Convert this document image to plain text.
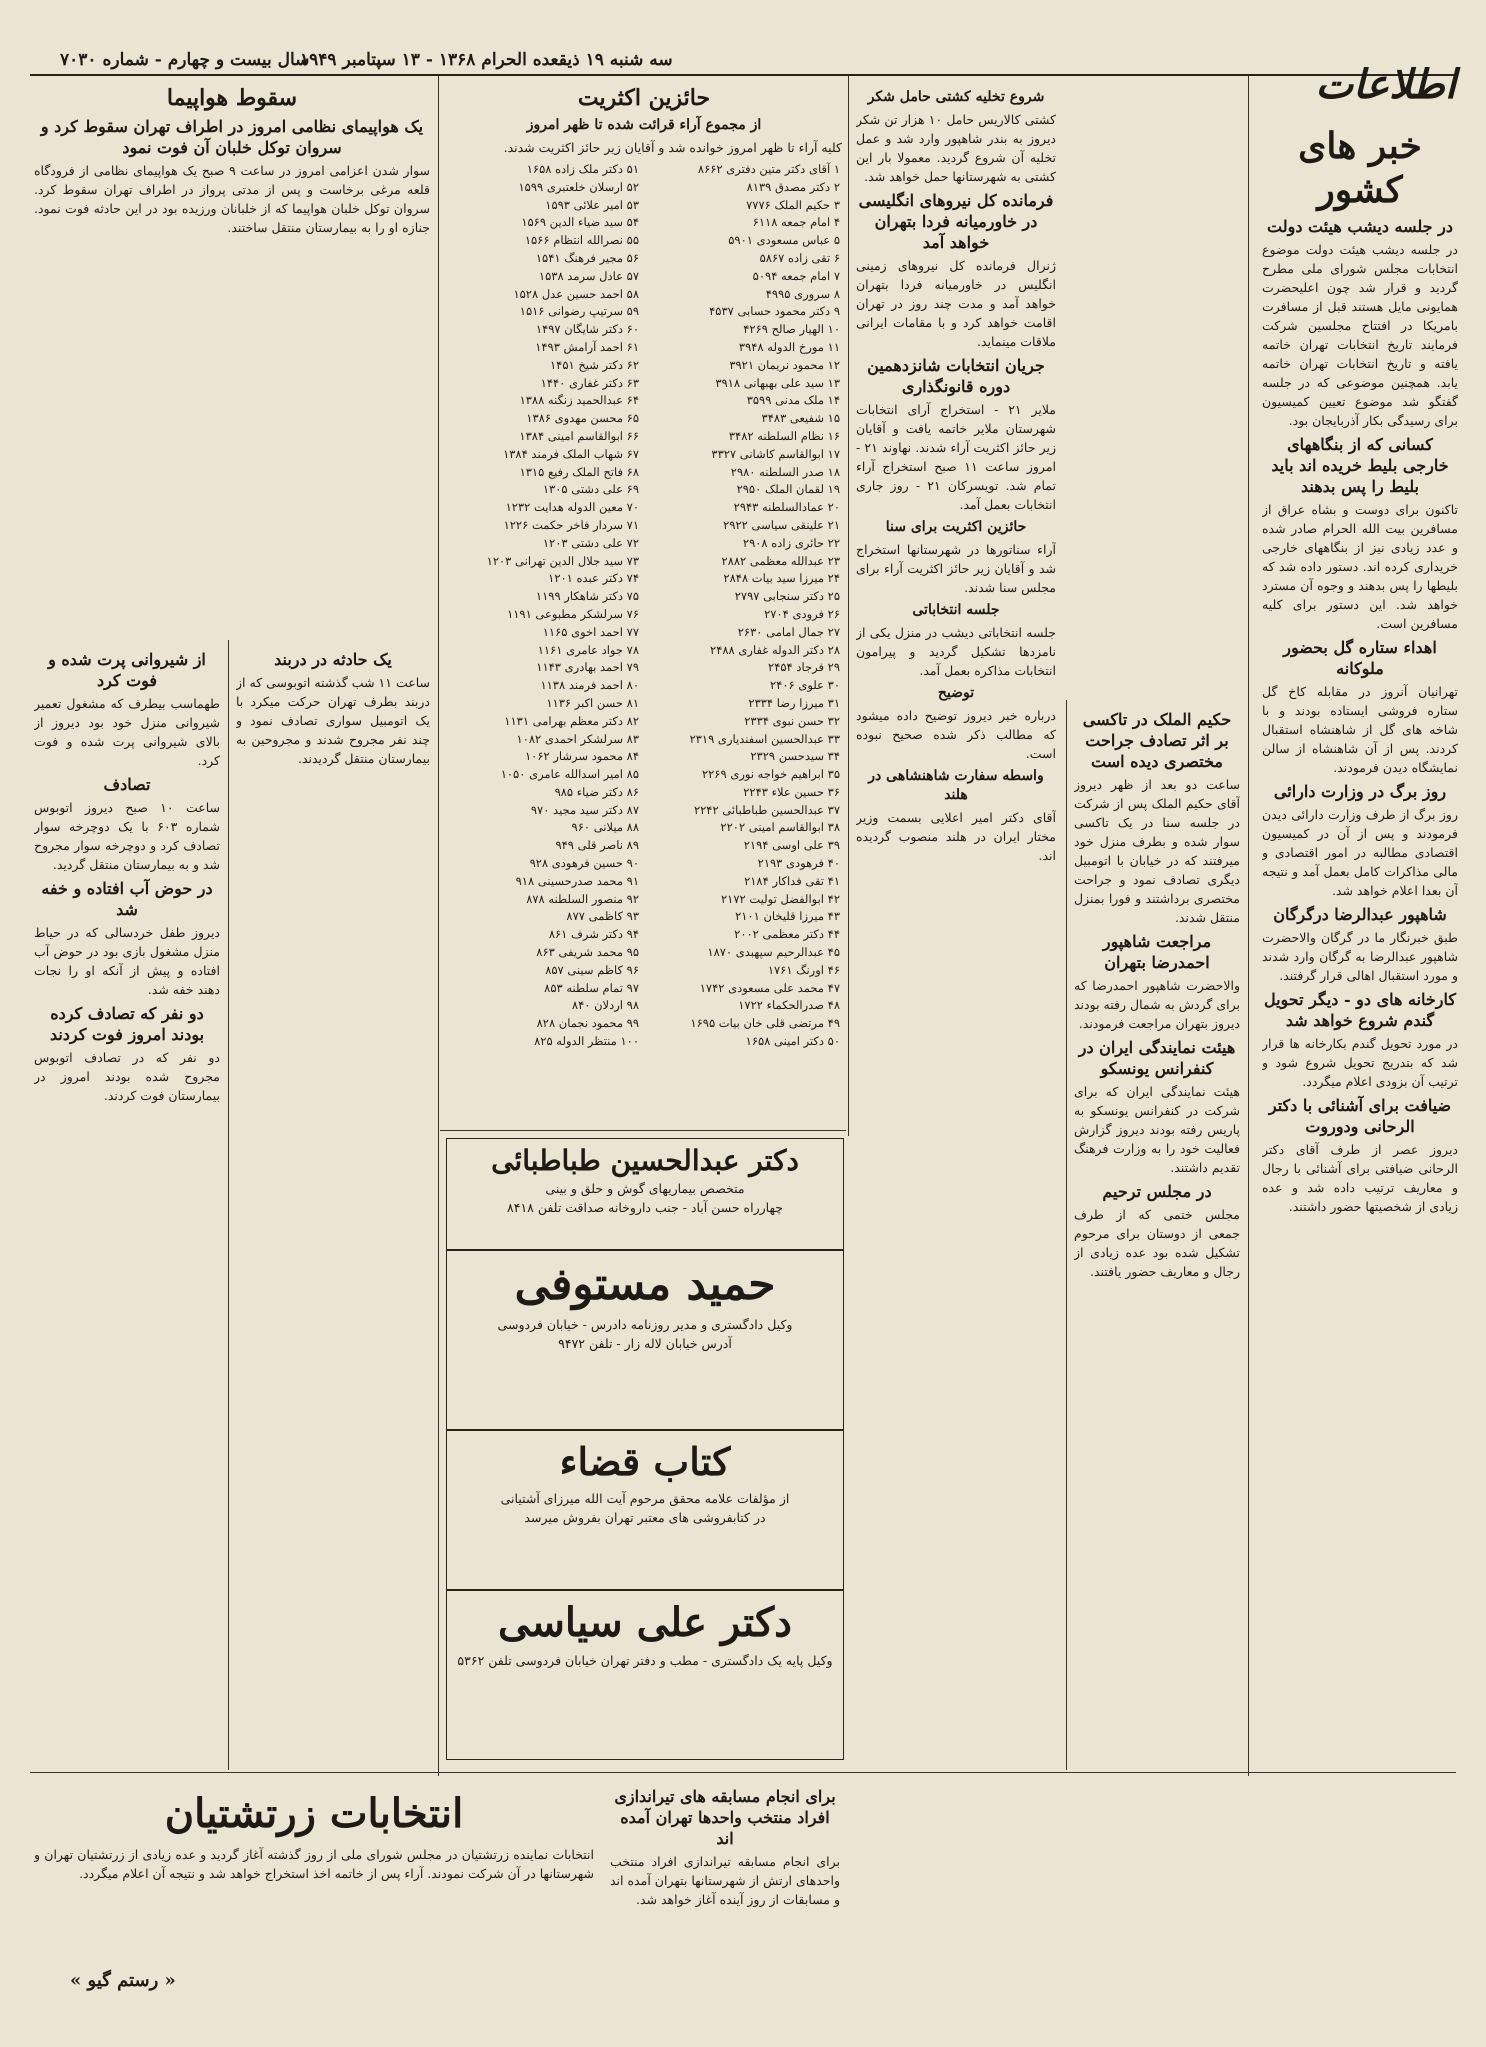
سه شنبه ۱۹ ذیقعده الحرام ۱۳۶۸ - ۱۳ سپتامبر ۱۹۴۹
سال بیست و چهارم - شماره ۷۰۳۰
اطلاعات
خبر های کشور
در جلسه دیشب هیئت دولت
در جلسه دیشب هیئت دولت موضوع انتخابات مجلس شورای ملی مطرح گردید و قرار شد چون اعلیحضرت همایونی مایل هستند قبل از مسافرت بامریکا در افتتاح مجلسین شرکت فرمایند تاریخ انتخابات تهران خاتمه یافته و تاریخ انتخابات تهران خاتمه یابد. همچنین موضوعی که در جلسه گفتگو شد موضوع تعیین کمیسیون برای رسیدگی بکار آذربایجان بود.
کسانی که از بنگاههای خارجی بلیط خریده اند باید بلیط را پس بدهند
تاکنون برای دوست و بشاه عراق از مسافرین بیت الله الحرام صادر شده و عدد زیادی نیز از بنگاههای خارجی خریداری کرده اند. دستور داده شد که بلیطها را پس بدهند و وجوه آن مسترد خواهد شد. این دستور برای کلیه مسافرین است.
اهداء ستاره گل بحضور ملوکانه
تهرانیان آنروز در مقابله کاخ گل ستاره فروشی ایستاده بودند و با شاخه های گل از شاهنشاه استقبال کردند. پس از آن شاهنشاه از سالن نمایشگاه دیدن فرمودند.
روز برگ در وزارت دارائی
روز برگ از طرف وزارت دارائی دیدن فرمودند و پس از آن در کمیسیون اقتصادی مطالبه در امور اقتصادی و مالی مذاکرات کامل بعمل آمد و نتیجه آن بعدا اعلام خواهد شد.
شاهپور عبدالرضا درگرگان
طبق خبرنگار ما در گرگان والاحضرت شاهپور عبدالرضا به گرگان وارد شدند و مورد استقبال اهالی قرار گرفتند.
کارخانه های دو - دیگر تحویل گندم شروع خواهد شد
در مورد تحویل گندم بکارخانه ها قرار شد که بتدریج تحویل شروع شود و ترتیب آن بزودی اعلام میگردد.
ضیافت برای آشنائی با دکتر الرحانی ودوروت
دیروز عصر از طرف آقای دکتر الرحانی ضیافتی برای آشنائی با رجال و معاریف ترتیب داده شد و عده زیادی از شخصیتها حضور داشتند.
حکیم الملک در تاکسی بر اثر تصادف جراحت مختصری دیده است
ساعت دو بعد از ظهر دیروز آقای حکیم الملک پس از شرکت در جلسه سنا در یک تاکسی سوار شده و بطرف منزل خود میرفتند که در خیابان با اتومبیل دیگری تصادف نمود و جراحت مختصری برداشتند و فورا بمنزل منتقل شدند.
مراجعت شاهپور احمدرضا بتهران
والاحضرت شاهپور احمدرضا که برای گردش به شمال رفته بودند دیروز بتهران مراجعت فرمودند.
هیئت نمایندگی ایران در کنفرانس یونسکو
هیئت نمایندگی ایران که برای شرکت در کنفرانس یونسکو به پاریس رفته بودند دیروز گزارش فعالیت خود را به وزارت فرهنگ تقدیم داشتند.
در مجلس ترحیم
مجلس ختمی که از طرف جمعی از دوستان برای مرحوم تشکیل شده بود عده زیادی از رجال و معاریف حضور یافتند.
شروع تخلیه کشتی حامل شکر
کشتی کالاریس حامل ۱۰ هزار تن شکر دیروز به بندر شاهپور وارد شد و عمل تخلیه آن شروع گردید. معمولا بار این کشتی به شهرستانها حمل خواهد شد.
فرمانده کل نیروهای انگلیسی در خاورمیانه فردا بتهران خواهد آمد
ژنرال فرمانده کل نیروهای زمینی انگلیس در خاورمیانه فردا بتهران خواهد آمد و مدت چند روز در تهران اقامت خواهد کرد و با مقامات ایرانی ملاقات مینماید.
جریان انتخابات شانزدهمین دوره قانونگذاری
ملایر ۲۱ - استخراج آرای انتخابات شهرستان ملایر خاتمه یافت و آقایان زیر حائز اکثریت آراء شدند. نهاوند ۲۱ - امروز ساعت ۱۱ صبح استخراج آراء تمام شد. تویسرکان ۲۱ - روز جاری انتخابات بعمل آمد.
حائزین اکثریت برای سنا
آراء سناتورها در شهرستانها استخراج شد و آقایان زیر حائز اکثریت آراء برای مجلس سنا شدند.
جلسه انتخاباتی
جلسه انتخاباتی دیشب در منزل یکی از نامزدها تشکیل گردید و پیرامون انتخابات مذاکره بعمل آمد.
توضیح
درباره خبر دیروز توضیح داده میشود که مطالب ذکر شده صحیح نبوده است.
واسطه سفارت شاهنشاهی در هلند
آقای دکتر امیر اعلایی بسمت وزیر مختار ایران در هلند منصوب گردیده اند.
حائزین اکثریت
از مجموع آراء قرائت شده تا ظهر امروز
کلیه آراء تا ظهر امروز خوانده شد و آقایان زیر حائز اکثریت شدند.
۱ آقای دکتر متین دفتری ۸۶۶۲
۲ دکتر مصدق ۸۱۳۹
۳ حکیم الملک ۷۷۷۶
۴ امام جمعه ۶۱۱۸
۵ عباس مسعودی ۵۹۰۱
۶ تقی زاده ۵۸۶۷
۷ امام جمعه ۵۰۹۴
۸ سروری ۴۹۹۵
۹ دکتر محمود حسابی ۴۵۳۷
۱۰ الهیار صالح ۴۲۶۹
۱۱ مورخ الدوله ۳۹۴۸
۱۲ محمود نریمان ۳۹۲۱
۱۳ سید علی بهبهانی ۳۹۱۸
۱۴ ملک مدنی ۳۵۹۹
۱۵ شفیعی ۳۴۸۳
۱۶ نظام السلطنه ۳۴۸۲
۱۷ ابوالقاسم کاشانی ۳۳۲۷
۱۸ صدر السلطنه ۲۹۸۰
۱۹ لقمان الملک ۲۹۵۰
۲۰ عمادالسلطنه ۲۹۴۳
۲۱ علینقی سیاسی ۲۹۲۲
۲۲ حائری زاده ۲۹۰۸
۲۳ عبدالله معظمی ۲۸۸۲
۲۴ میرزا سید بیات ۲۸۴۸
۲۵ دکتر سنجابی ۲۷۹۷
۲۶ فرودی ۲۷۰۴
۲۷ جمال امامی ۲۶۳۰
۲۸ دکتر الدوله غفاری ۲۴۸۸
۲۹ فرجاد ۲۴۵۴
۳۰ علوی ۲۴۰۶
۳۱ میرزا رضا ۲۳۳۴
۳۲ حسن نبوی ۲۳۳۴
۳۳ عبدالحسین اسفندیاری ۲۳۱۹
۳۴ سیدحسن ۲۳۲۹
۳۵ ابراهیم خواجه نوری ۲۲۶۹
۳۶ حسین علاء ۲۲۴۳
۳۷ عبدالحسین طباطبائی ۲۲۴۲
۳۸ ابوالقاسم امینی ۲۲۰۲
۳۹ علی اوسی ۲۱۹۴
۴۰ فرهودی ۲۱۹۳
۴۱ تقی فداکار ۲۱۸۴
۴۲ ابوالفضل تولیت ۲۱۷۲
۴۳ میرزا قلیخان ۲۱۰۱
۴۴ دکتر معظمی ۲۰۰۲
۴۵ عبدالرحیم سپهبدی ۱۸۷۰
۴۶ اورنگ ۱۷۶۱
۴۷ محمد علی مسعودی ۱۷۴۲
۴۸ صدرالحکماء ۱۷۲۲
۴۹ مرتضی قلی خان بیات ۱۶۹۵
۵۰ دکتر امینی ۱۶۵۸
۵۱ دکتر ملک زاده ۱۶۵۸
۵۲ ارسلان خلعتبری ۱۵۹۹
۵۳ امیر علائی ۱۵۹۳
۵۴ سید ضیاء الدین ۱۵۶۹
۵۵ نصرالله انتظام ۱۵۶۶
۵۶ مجیر فرهنگ ۱۵۴۱
۵۷ عادل سرمد ۱۵۳۸
۵۸ احمد حسین عدل ۱۵۲۸
۵۹ سرتیپ رضوانی ۱۵۱۶
۶۰ دکتر شایگان ۱۴۹۷
۶۱ احمد آرامش ۱۴۹۳
۶۲ دکتر شیخ ۱۴۵۱
۶۳ دکتر غفاری ۱۴۴۰
۶۴ عبدالحمید زنگنه ۱۳۸۸
۶۵ محسن مهدوی ۱۳۸۶
۶۶ ابوالقاسم امینی ۱۳۸۴
۶۷ شهاب الملک فرمند ۱۳۸۴
۶۸ فاتح الملک رفیع ۱۳۱۵
۶۹ علی دشتی ۱۳۰۵
۷۰ معین الدوله هدایت ۱۲۳۲
۷۱ سردار فاخر حکمت ۱۲۲۶
۷۲ علی دشتی ۱۲۰۳
۷۳ سید جلال الدین تهرانی ۱۲۰۳
۷۴ دکتر عبده ۱۲۰۱
۷۵ دکتر شاهکار ۱۱۹۹
۷۶ سرلشکر مطبوعی ۱۱۹۱
۷۷ احمد اخوی ۱۱۶۵
۷۸ جواد عامری ۱۱۶۱
۷۹ احمد بهادری ۱۱۴۳
۸۰ احمد فرمند ۱۱۳۸
۸۱ حسن اکبر ۱۱۳۶
۸۲ دکتر معظم بهرامی ۱۱۳۱
۸۳ سرلشکر احمدی ۱۰۸۲
۸۴ محمود سرشار ۱۰۶۲
۸۵ امیر اسدالله عامری ۱۰۵۰
۸۶ دکتر ضیاء ۹۸۵
۸۷ دکتر سید مجید ۹۷۰
۸۸ میلانی ۹۶۰
۸۹ ناصر قلی ۹۴۹
۹۰ حسین فرهودی ۹۲۸
۹۱ محمد صدرحسینی ۹۱۸
۹۲ منصور السلطنه ۸۷۸
۹۳ کاظمی ۸۷۷
۹۴ دکتر شرف ۸۶۱
۹۵ محمد شریفی ۸۶۳
۹۶ کاظم سینی ۸۵۷
۹۷ تمام سلطنه ۸۵۳
۹۸ اردلان ۸۴۰
۹۹ محمود نجمان ۸۲۸
۱۰۰ منتظر الدوله ۸۲۵
سقوط هواپیما
یک هواپیمای نظامی امروز در اطراف تهران سقوط کرد و سروان توکل خلبان آن فوت نمود
سوار شدن اعزامی امروز در ساعت ۹ صبح یک هواپیمای نظامی از فرودگاه قلعه مرغی برخاست و پس از مدتی پرواز در اطراف تهران سقوط کرد. سروان توکل خلبان هواپیما که از خلبانان ورزیده بود در این حادثه فوت نمود. جنازه او را به بیمارستان منتقل ساختند.
از شیروانی پرت شده و فوت کرد
طهماسب بیطرف که مشغول تعمیر شیروانی منزل خود بود دیروز از بالای شیروانی پرت شده و فوت کرد.
تصادف
ساعت ۱۰ صبح دیروز اتوبوس شماره ۶۰۳ با یک دوچرخه سوار تصادف کرد و دوچرخه سوار مجروح شد و به بیمارستان منتقل گردید.
در حوض آب افتاده و خفه شد
دیروز طفل خردسالی که در حیاط منزل مشغول بازی بود در حوض آب افتاده و پیش از آنکه او را نجات دهند خفه شد.
دو نفر که تصادف کرده بودند امروز فوت کردند
دو نفر که در تصادف اتوبوس مجروح شده بودند امروز در بیمارستان فوت کردند.
یک حادثه در دربند
ساعت ۱۱ شب گذشته اتوبوسی که از دربند بطرف تهران حرکت میکرد با یک اتومبیل سواری تصادف نمود و چند نفر مجروح شدند و مجروحین به بیمارستان منتقل گردیدند.
دکتر عبدالحسین طباطبائی
متخصص بیماریهای گوش و حلق و بینی
چهارراه حسن آباد - جنب داروخانه صداقت تلفن ۸۴۱۸
حمید مستوفی
وکیل دادگستری و مدیر روزنامه دادرس - خیابان فردوسی
آدرس خیابان لاله زار - تلفن ۹۴۷۲
کتاب قضاء
از مؤلفات علامه محقق مرحوم آیت الله میرزای آشتیانی
در کتابفروشی های معتبر تهران بفروش میرسد
دکتر علی سیاسی
وکیل پایه یک دادگستری - مطب و دفتر تهران خیابان فردوسی تلفن ۵۳۶۲
انتخابات زرتشتیان
انتخابات نماینده زرتشتیان در مجلس شورای ملی از روز گذشته آغاز گردید و عده زیادی از زرتشتیان تهران و شهرستانها در آن شرکت نمودند. آراء پس از خاتمه اخذ استخراج خواهد شد و نتیجه آن اعلام میگردد.
برای انجام مسابقه های تیراندازی افراد منتخب واحدها تهران آمده اند
برای انجام مسابقه تیراندازی افراد منتخب واحدهای ارتش از شهرستانها بتهران آمده اند و مسابقات از روز آینده آغاز خواهد شد.
« رستم گیو »
